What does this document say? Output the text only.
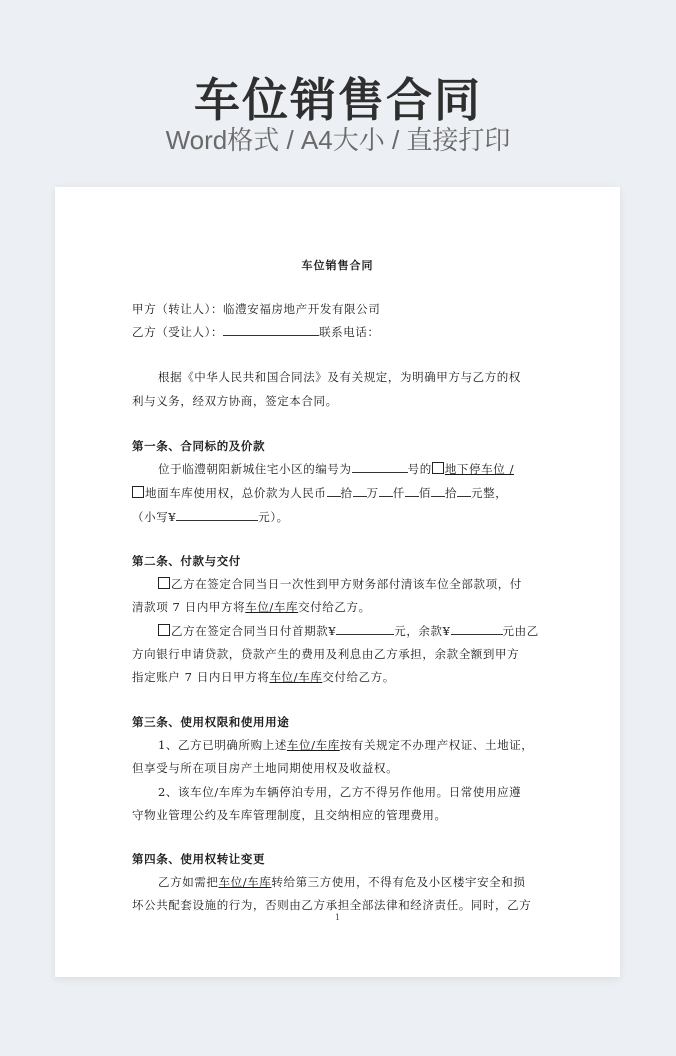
车位销售合同
Word格式 / A4大小 / 直接打印
车位销售合同
甲方（转让人）：临澧安福房地产开发有限公司
乙方（受让人）：	联系电话：
根据《中华人民共和国合同法》及有关规定，为明确甲方与乙方的权
利与义务，经双方协商，签定本合同。
第一条、合同标的及价款
位于临澧朝阳新城住宅小区的编号为	号的 地下停车位 /
地面车库使用权，总价款为人民币 拾 万 仟 佰 拾 元整，
（小写¥	元）。
第二条、付款与交付
乙方在签定合同当日一次性到甲方财务部付清该车位全部款项，付
清款项 7 日内甲方将车位/车库交付给乙方。
乙方在签定合同当日付首期款¥	元，余款¥	元由乙
方向银行申请贷款，贷款产生的费用及利息由乙方承担，余款全额到甲方
指定账户 7 日内日甲方将车位/车库交付给乙方。
第三条、使用权限和使用用途
1、乙方已明确所购上述车位/车库按有关规定不办理产权证、土地证，
但享受与所在项目房产土地同期使用权及收益权。
2、该车位/车库为车辆停泊专用，乙方不得另作他用。日常使用应遵
守物业管理公约及车库管理制度，且交纳相应的管理费用。
第四条、使用权转让变更
乙方如需把车位/车库转给第三方使用，不得有危及小区楼宇安全和损
坏公共配套设施的行为，否则由乙方承担全部法律和经济责任。同时，乙方
1
